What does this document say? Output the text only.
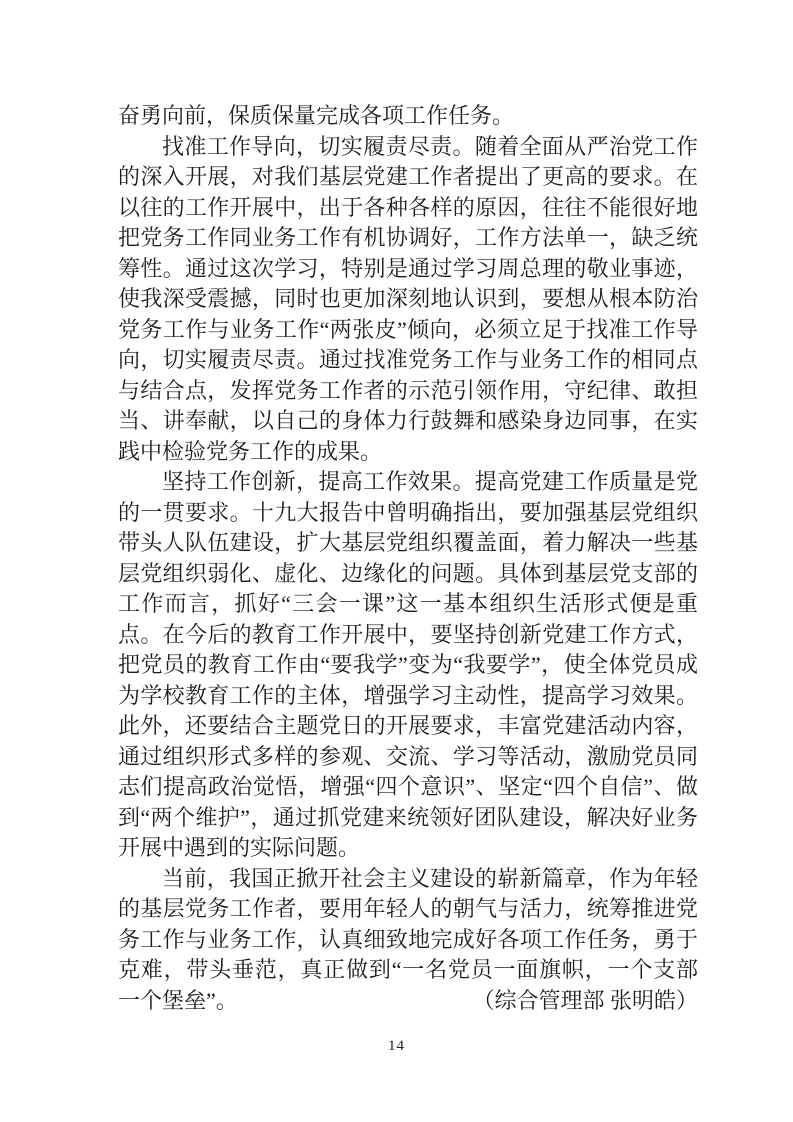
奋勇向前，保质保量完成各项工作任务。

找准工作导向，切实履责尽责。随着全面从严治党工作的深入开展，对我们基层党建工作者提出了更高的要求。在以往的工作开展中，出于各种各样的原因，往往不能很好地把党务工作同业务工作有机协调好，工作方法单一，缺乏统筹性。通过这次学习，特别是通过学习周总理的敬业事迹，使我深受震撼，同时也更加深刻地认识到，要想从根本防治党务工作与业务工作“两张皮”倾向，必须立足于找准工作导向，切实履责尽责。通过找准党务工作与业务工作的相同点与结合点，发挥党务工作者的示范引领作用，守纪律、敢担当、讲奉献，以自己的身体力行鼓舞和感染身边同事，在实践中检验党务工作的成果。

坚持工作创新，提高工作效果。提高党建工作质量是党的一贯要求。十九大报告中曾明确指出，要加强基层党组织带头人队伍建设，扩大基层党组织覆盖面，着力解决一些基层党组织弱化、虚化、边缘化的问题。具体到基层党支部的工作而言，抓好“三会一课”这一基本组织生活形式便是重点。在今后的教育工作开展中，要坚持创新党建工作方式，把党员的教育工作由“要我学”变为“我要学”，使全体党员成为学校教育工作的主体，增强学习主动性，提高学习效果。此外，还要结合主题党日的开展要求，丰富党建活动内容，通过组织形式多样的参观、交流、学习等活动，激励党员同志们提高政治觉悟，增强“四个意识”、坚定“四个自信”、做到“两个维护”，通过抓党建来统领好团队建设，解决好业务开展中遇到的实际问题。

当前，我国正掀开社会主义建设的崭新篇章，作为年轻的基层党务工作者，要用年轻人的朝气与活力，统筹推进党务工作与业务工作，认真细致地完成好各项工作任务，勇于克难，带头垂范，真正做到“一名党员一面旗帜，一个支部一个堡垒”。	（综合管理部 张明皓）

14
